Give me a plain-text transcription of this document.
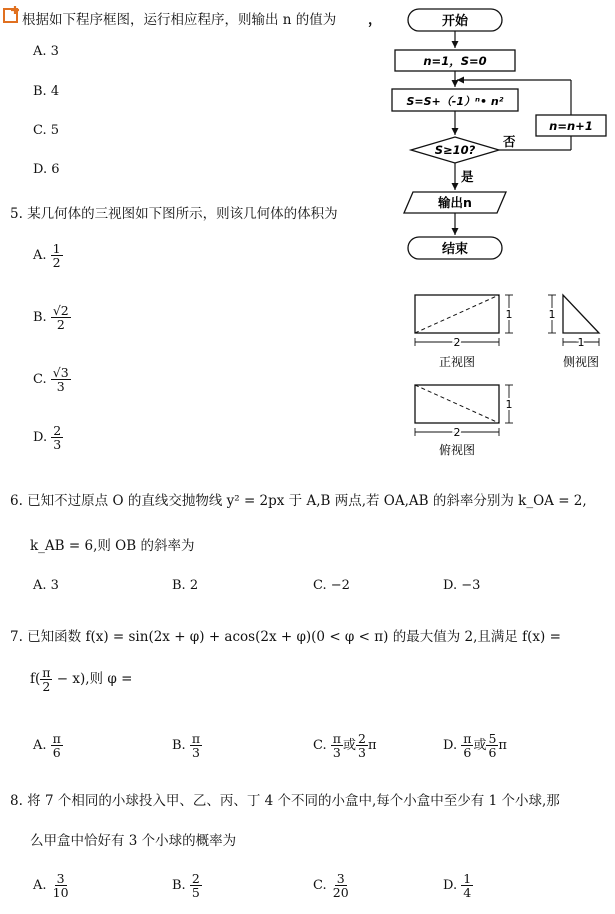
根据如下程序框图，运行相应程序，则输出 n 的值为 ，
A. 3
B. 4
C. 5
D. 6
开始
n=1，S=0
S=S+（-1）ⁿ• n²
S≥10?
否
n=n+1
是
输出n
结束
5. 某几何体的三视图如下图所示，则该几何体的体积为
A. $\frac{1}{2}$
B. $\frac{√2}{2}$
C. $\frac{√3}{3}$
D. $\frac{2}{3}$
2
1
正视图
1
1
侧视图
2
1
俯视图
6. 已知不过原点 O 的直线交抛物线 y² = 2px 于 A,B 两点,若 OA,AB 的斜率分别为 k_OA = 2,
k_AB = 6,则 OB 的斜率为
A. 3	B. 2	C. −2	D. −3
7. 已知函数 f(x) = sin(2x + φ) + acos(2x + φ)(0 < φ < π) 的最大值为 2,且满足 f(x) =
$f( \frac{\pi}{2} - x)$,则 φ =
A. $\frac{\pi}{6}$	B. $\frac{\pi}{3}$	C. $\frac{\pi}{3}$ 或 $\frac{2}{3}$ π	D. $\frac{\pi}{6}$ 或 $\frac{5}{6}$ π
8. 将 7 个相同的小球投入甲、乙、丙、丁 4 个不同的小盒中,每个小盒中至少有 1 个小球,那
么甲盒中恰好有 3 个小球的概率为
A. $\frac{3}{10}$	B. $\frac{2}{5}$	C. $\frac{3}{20}$	D. $\frac{1}{4}$
